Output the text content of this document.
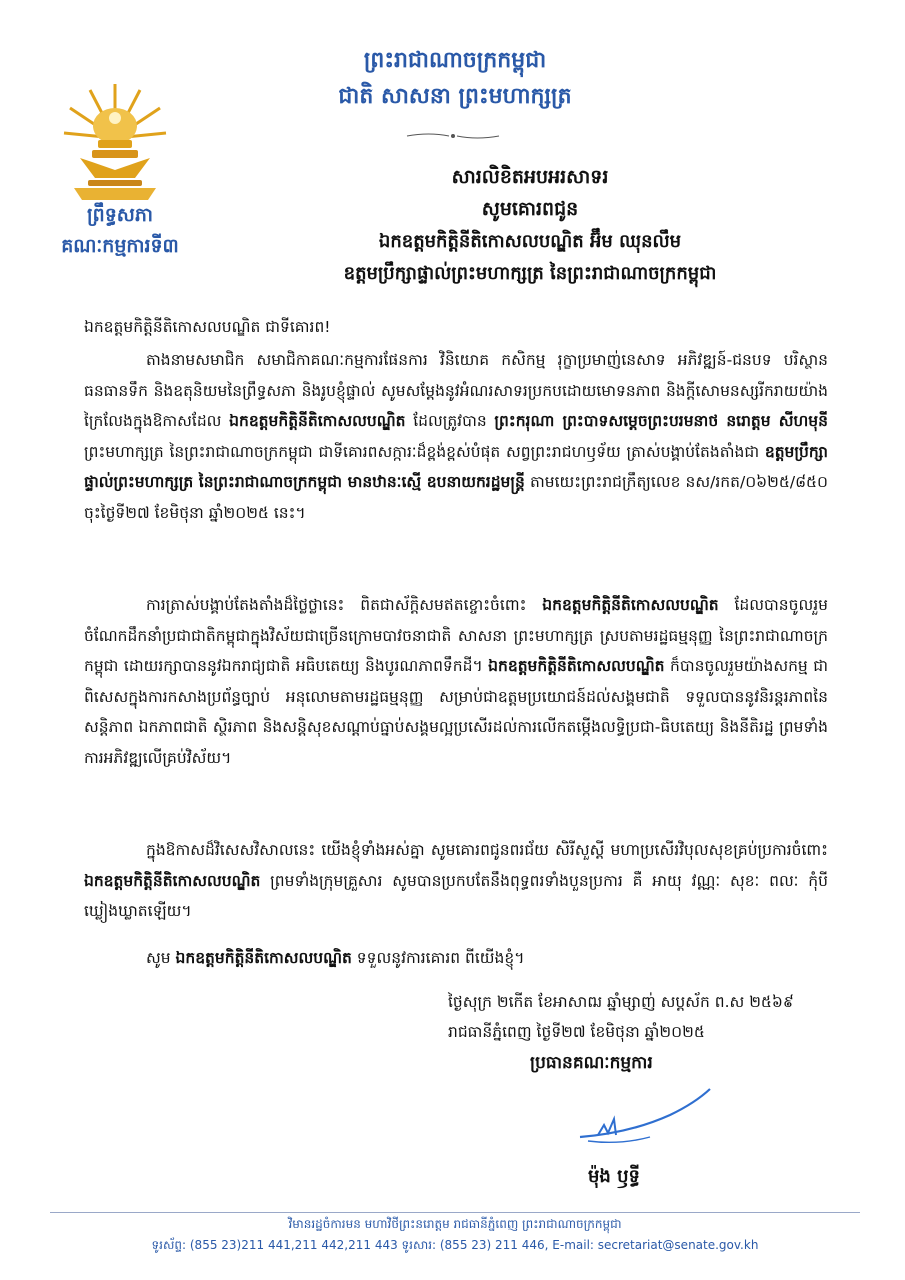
ព្រឹទ្ធសភា
គណៈកម្មការទី៣
ព្រះរាជាណាចក្រកម្ពុជា
ជាតិ សាសនា ព្រះមហាក្សត្រ
សារលិខិតអបអរសាទរ
សូមគោរពជូន
ឯកឧត្តមកិត្តិនីតិកោសលបណ្ឌិត អ៊ឹម ឈុនលឹម
ឧត្តមប្រឹក្សាផ្ទាល់ព្រះមហាក្សត្រ នៃព្រះរាជាណាចក្រកម្ពុជា
ឯកឧត្តមកិត្តិនីតិកោសលបណ្ឌិត ជាទីគោរព!
តាងនាមសមាជិក សមាជិកាគណៈកម្មការផែនការ វិនិយោគ កសិកម្ម រុក្ខាប្រមាញ់នេសាទ អភិវឌ្ឍន៍-ជនបទ បរិស្ថាន ធនធានទឹក និងឧតុនិយមនៃព្រឹទ្ធសភា និងរូបខ្ញុំផ្ទាល់ សូមសម្តែងនូវអំណរសាទរប្រកបដោយមោទនភាព និងក្តីសោមនស្សរីករាយយ៉ាងក្រៃលែងក្នុងឱកាសដែល ឯកឧត្តមកិត្តិនីតិកោសលបណ្ឌិត ដែលត្រូវបាន ព្រះករុណា ព្រះបាទសម្តេចព្រះបរមនាថ នរោត្តម សីហមុនី ព្រះមហាក្សត្រ នៃព្រះរាជាណាចក្រកម្ពុជា ជាទីគោរពសក្ការៈដ៏ខ្ពង់ខ្ពស់បំផុត សព្វព្រះរាជហឫទ័យ ត្រាស់បង្គាប់តែងតាំងជា ឧត្តមប្រឹក្សាផ្ទាល់ព្រះមហាក្សត្រ នៃព្រះរាជាណាចក្រកម្ពុជា មានឋានៈស្មើ ឧបនាយករដ្ឋមន្ត្រី តាមយេះព្រះរាជក្រឹត្យលេខ នស/រកត/០៦២៥/៨៥០ ចុះថ្ងៃទី២៧ ខែមិថុនា ឆ្នាំ២០២៥ នេះ។
ការត្រាស់បង្គាប់តែងតាំងដ៏ថ្លៃថ្លានេះ ពិតជាស័ក្តិសមឥតខ្ចោះចំពោះ ឯកឧត្តមកិត្តិនីតិកោសលបណ្ឌិត ដែលបានចូលរួមចំណែកដឹកនាំប្រជាជាតិកម្ពុជាក្នុងវិស័យជាច្រើនក្រោមបាវចនាជាតិ សាសនា ព្រះមហាក្សត្រ ស្របតាមរដ្ឋធម្មនុញ្ញ នៃព្រះរាជាណាចក្រកម្ពុជា ដោយរក្សាបាននូវឯករាជ្យជាតិ អធិបតេយ្យ និងបូរណភាពទឹកដី។ ឯកឧត្តមកិត្តិនីតិកោសលបណ្ឌិត ក៏បានចូលរួមយ៉ាងសកម្ម ជាពិសេសក្នុងការកសាងប្រព័ន្ធច្បាប់ អនុលោមតាមរដ្ឋធម្មនុញ្ញ សម្រាប់ជាឧត្តមប្រយោជន៍ដល់សង្គមជាតិ ទទួលបាននូវនិរន្តរភាពនៃសន្តិភាព ឯកភាពជាតិ ស្ថិរភាព និងសន្តិសុខសណ្តាប់ធ្នាប់សង្គមល្អប្រសើរដល់ការលើកតម្កើងលទ្ធិប្រជា-ធិបតេយ្យ និងនីតិរដ្ឋ ព្រមទាំងការអភិវឌ្ឍលើគ្រប់វិស័យ។
ក្នុងឱកាសដ៏វិសេសវិសាលនេះ យើងខ្ញុំទាំងអស់គ្នា សូមគោរពជូនពរជ័យ សិរីសួស្តី មហាប្រសើរវិបុលសុខគ្រប់ប្រការចំពោះ ឯកឧត្តមកិត្តិនីតិកោសលបណ្ឌិត ព្រមទាំងក្រុមគ្រួសារ សូមបានប្រកបតែនឹងពុទ្ធពរទាំងបួនប្រការ គឺ អាយុ វណ្ណៈ សុខៈ ពលៈ កុំបីឃ្លៀងឃ្លាតឡើយ។
សូម ឯកឧត្តមកិត្តិនីតិកោសលបណ្ឌិត ទទួលនូវការគោរព ពីយើងខ្ញុំ។
ថ្ងៃសុក្រ ២កើត ខែអាសាឍ ឆ្នាំម្សាញ់ សប្តស័ក ព.ស ២៥៦៩
រាជធានីភ្នំពេញ ថ្ងៃទី២៧ ខែមិថុនា ឆ្នាំ២០២៥
ប្រធានគណៈកម្មការ
ម៉ុង ឫទ្ធី
វិមានរដ្ឋចំការមន មហាវិថីព្រះនរោត្តម រាជធានីភ្នំពេញ ព្រះរាជាណាចក្រកម្ពុជា
ទូរស័ព្ទ: (855 23)211 441,211 442,211 443 ទូរសារ: (855 23) 211 446, E-mail: secretariat@senate.gov.kh
